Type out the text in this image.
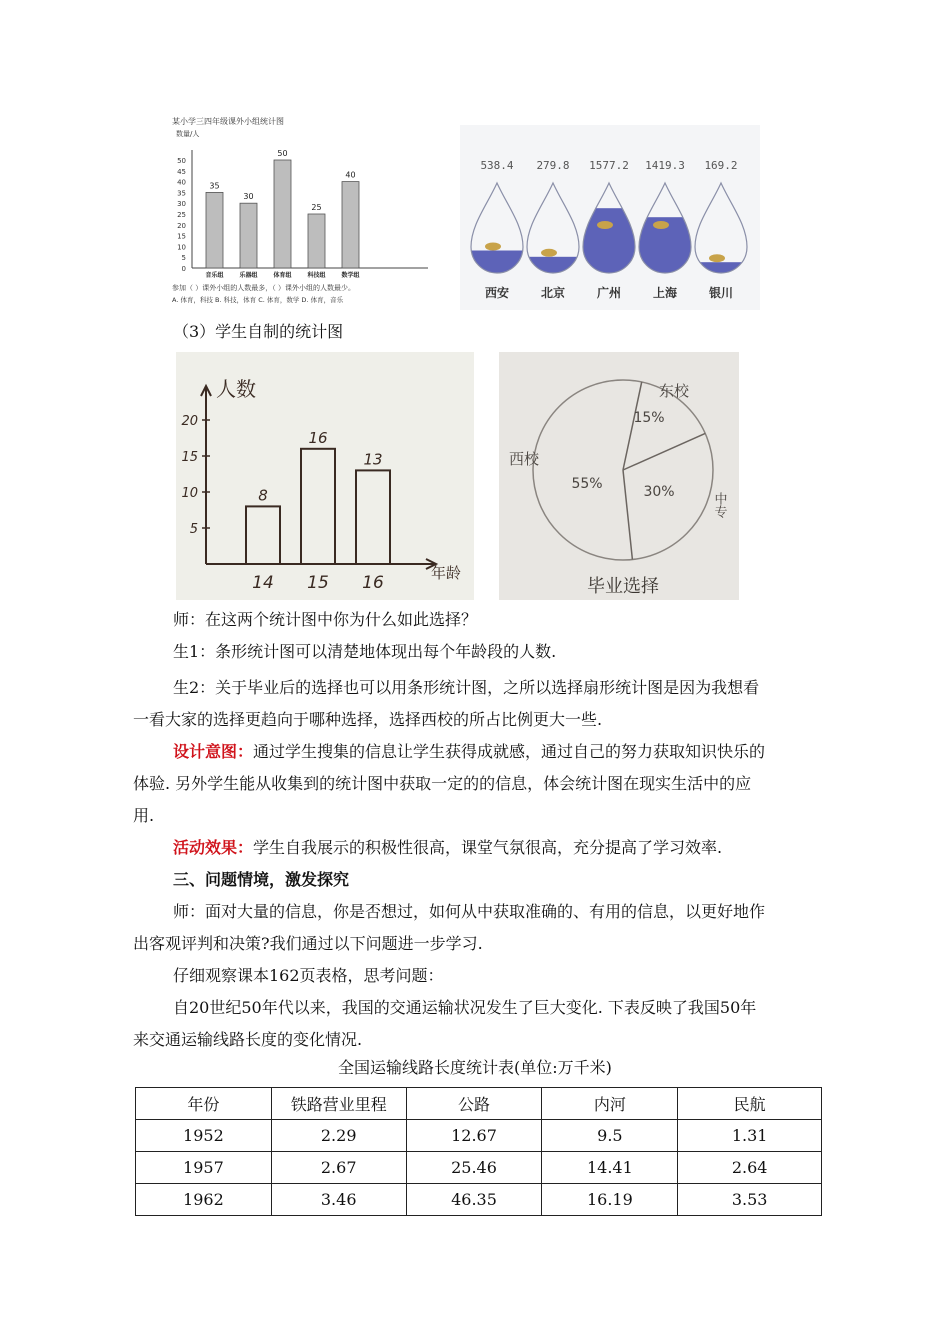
某小学三四年级课外小组统计图
数量/人
50
45
40
35
30
25
20
15
10
5
0
35
音乐组
30
乐器组
50
体育组
25
科技组
40
数学组
参加（ ）课外小组的人数最多，（ ）课外小组的人数最少。
A. 体育，科技 B. 科技，体育 C. 体育，数学 D. 体育，音乐
538.4
西安
279.8
北京
1577.2
广州
1419.3
上海
169.2
银川

（3）学生自制的统计图

人数
年龄
20
15
10
5
8
14
16
15
13
16
15%
东校
30%	中专
55%
西校
毕业选择

师：在这两个统计图中你为什么如此选择？

生1：条形统计图可以清楚地体现出每个年龄段的人数.

生2：关于毕业后的选择也可以用条形统计图，之所以选择扇形统计图是因为我想看

一看大家的选择更趋向于哪种选择，选择西校的所占比例更大一些.

设计意图：通过学生搜集的信息让学生获得成就感，通过自己的努力获取知识快乐的

体验. 另外学生能从收集到的统计图中获取一定的的信息，体会统计图在现实生活中的应

用.

活动效果：学生自我展示的积极性很高，课堂气氛很高，充分提高了学习效率.

三、问题情境，激发探究

师：面对大量的信息，你是否想过，如何从中获取准确的、有用的信息，以更好地作

出客观评判和决策?我们通过以下问题进一步学习.

仔细观察课本162页表格，思考问题：

自20世纪50年代以来，我国的交通运输状况发生了巨大变化. 下表反映了我国50年

来交通运输线路长度的变化情况.

全国运输线路长度统计表(单位:万千米)

年份	铁路营业里程	公路	内河	民航
1952	2.29	12.67	9.5	1.31
1957	2.67	25.46	14.41	2.64
1962	3.46	46.35	16.19	3.53
